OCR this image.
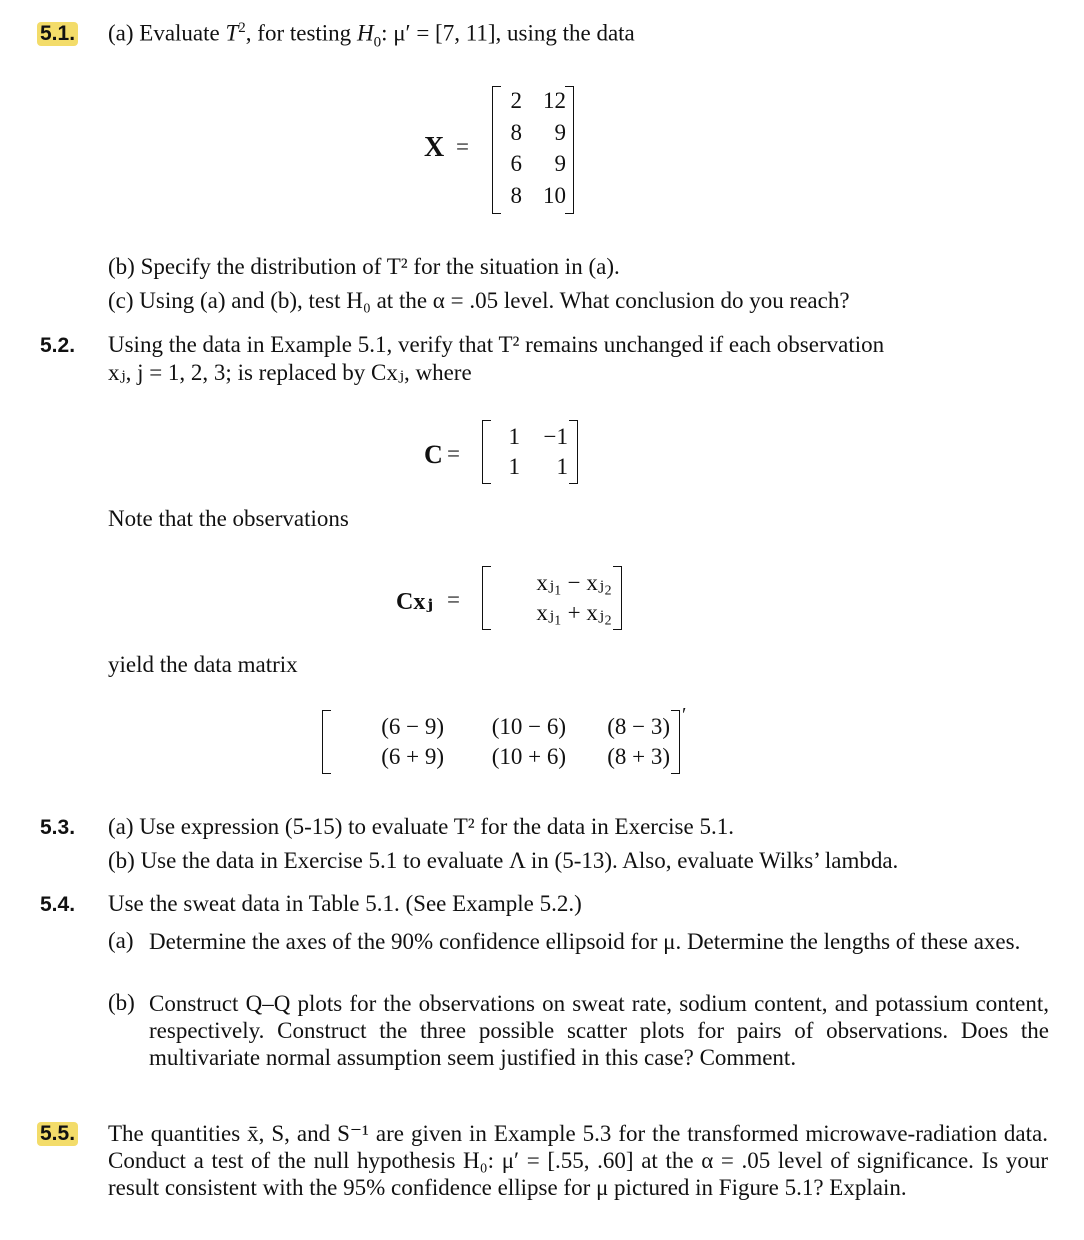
5.1. (a) Evaluate $T^2$, for testing $H_0$: μ′ = [7, 11], using the data
X =
2 12
8 9
6 9
8 10
(b) Specify the distribution of T² for the situation in (a).
(c) Using (a) and (b), test H₀ at the α = .05 level. What conclusion do you reach?
5.2. Using the data in Example 5.1, verify that T² remains unchanged if each observation
xⱼ, j = 1, 2, 3; is replaced by Cxⱼ, where
C =
1 −1
1 1
Note that the observations
Cxⱼ =
xⱼ₁ − xⱼ₂
xⱼ₁ + xⱼ₂
yield the data matrix
(6 − 9) (10 − 6) (8 − 3)
(6 + 9) (10 + 6) (8 + 3)
′
5.3. (a) Use expression (5-15) to evaluate T² for the data in Exercise 5.1.
(b) Use the data in Exercise 5.1 to evaluate Λ in (5-13). Also, evaluate Wilks’ lambda.
5.4. Use the sweat data in Table 5.1. (See Example 5.2.)
(a) Determine the axes of the 90% confidence ellipsoid for μ. Determine the lengths of these axes.
(b) Construct Q–Q plots for the observations on sweat rate, sodium content, and potassium content, respectively. Construct the three possible scatter plots for pairs of observations. Does the multivariate normal assumption seem justified in this case? Comment.
5.5. The quantities x̄, S, and S⁻¹ are given in Example 5.3 for the transformed microwave-radiation data. Conduct a test of the null hypothesis H₀: μ′ = [.55, .60] at the α = .05 level of significance. Is your result consistent with the 95% confidence ellipse for μ pictured in Figure 5.1? Explain.
